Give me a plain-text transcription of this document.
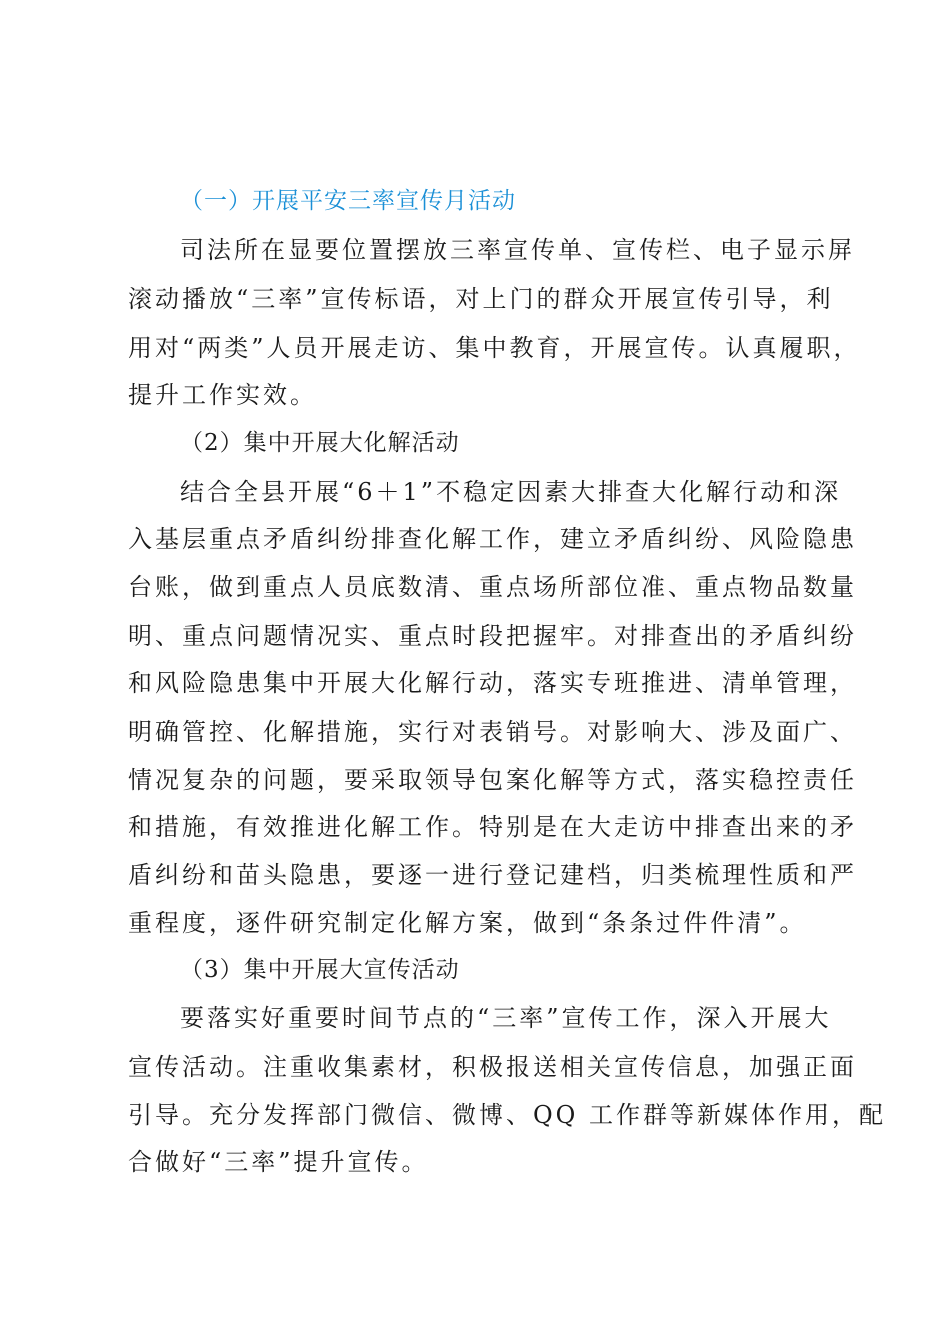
（一）开展平安三率宣传月活动
司法所在显要位置摆放三率宣传单、宣传栏、电子显示屏
滚动播放“三率”宣传标语，对上门的群众开展宣传引导，利
用对“两类”人员开展走访、集中教育，开展宣传。认真履职，
提升工作实效。
（2）集中开展大化解活动
结合全县开展“6＋1”不稳定因素大排查大化解行动和深
入基层重点矛盾纠纷排查化解工作，建立矛盾纠纷、风险隐患
台账，做到重点人员底数清、重点场所部位准、重点物品数量
明、重点问题情况实、重点时段把握牢。对排查出的矛盾纠纷
和风险隐患集中开展大化解行动，落实专班推进、清单管理，
明确管控、化解措施，实行对表销号。对影响大、涉及面广、
情况复杂的问题，要采取领导包案化解等方式，落实稳控责任
和措施，有效推进化解工作。特别是在大走访中排查出来的矛
盾纠纷和苗头隐患，要逐一进行登记建档，归类梳理性质和严
重程度，逐件研究制定化解方案，做到“条条过件件清”。
（3）集中开展大宣传活动
要落实好重要时间节点的“三率”宣传工作，深入开展大
宣传活动。注重收集素材，积极报送相关宣传信息，加强正面
引导。充分发挥部门微信、微博、QQ 工作群等新媒体作用，配
合做好“三率”提升宣传。
